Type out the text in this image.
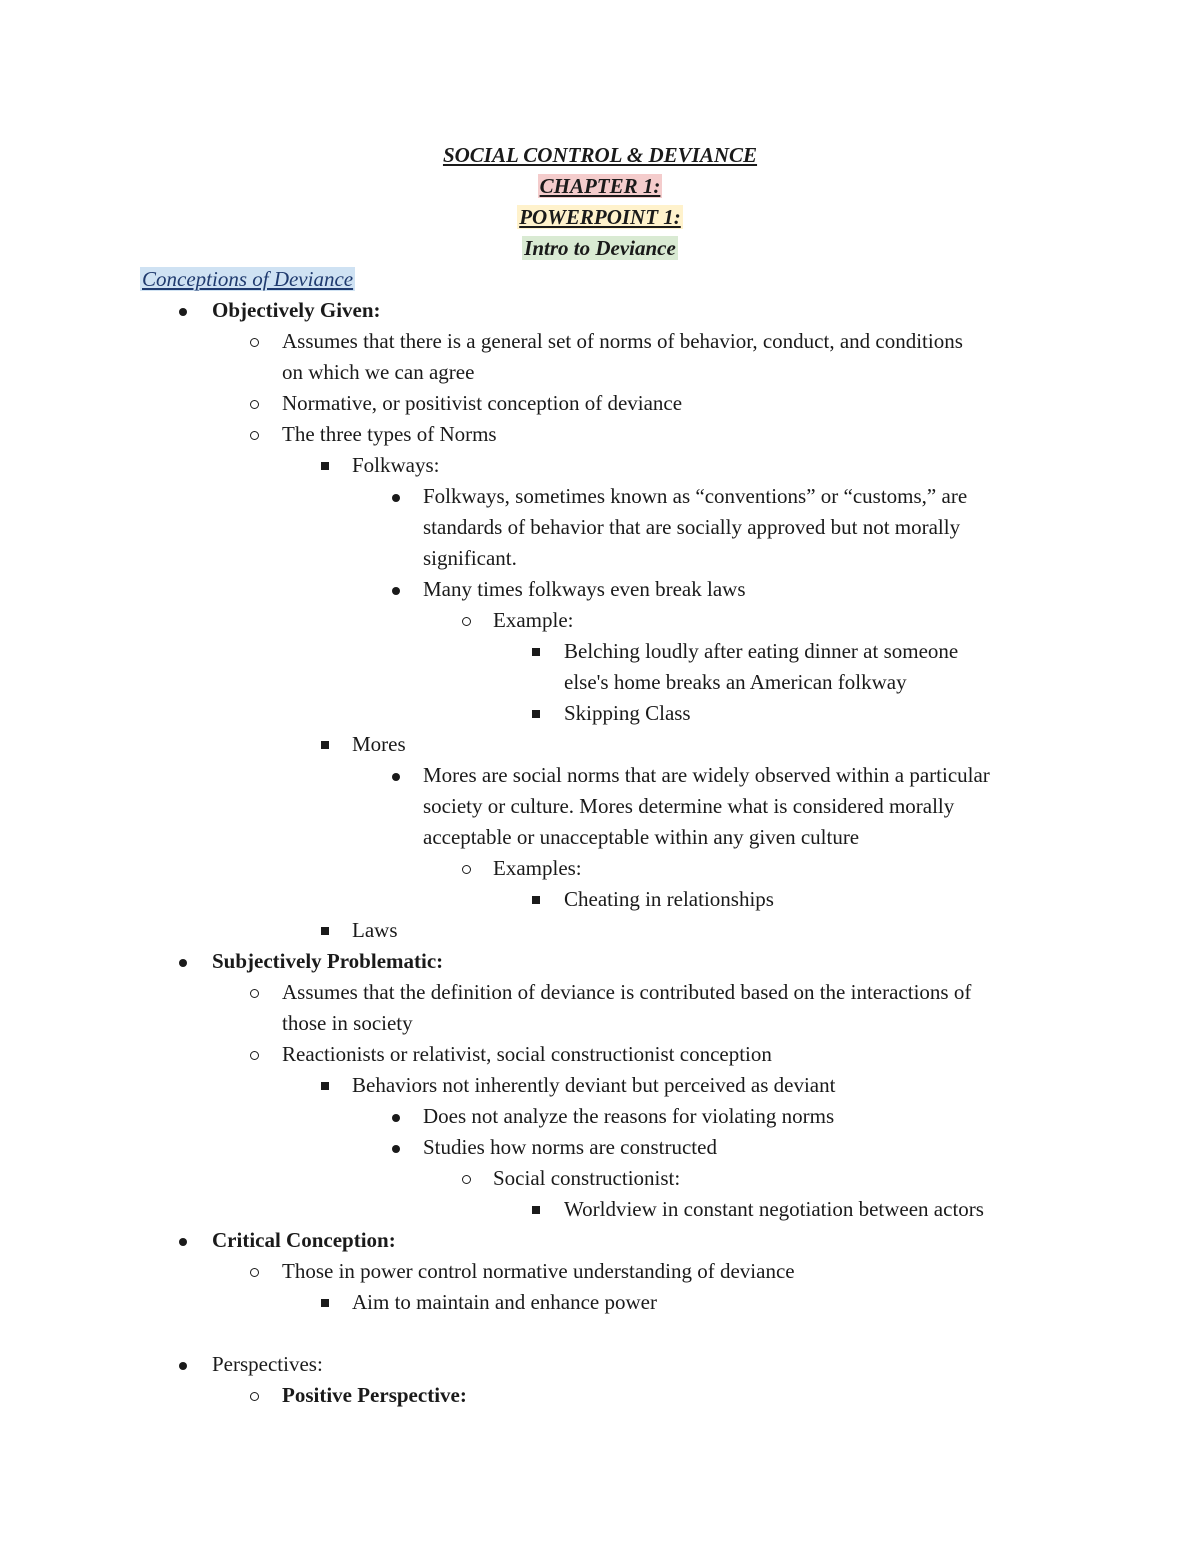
SOCIAL CONTROL & DEVIANCE
CHAPTER 1:
POWERPOINT 1:
Intro to Deviance
Conceptions of Deviance
Objectively Given:
Assumes that there is a general set of norms of behavior, conduct, and conditions
on which we can agree
Normative, or positivist conception of deviance
The three types of Norms
Folkways:
Folkways, sometimes known as “conventions” or “customs,” are
standards of behavior that are socially approved but not morally
significant.
Many times folkways even break laws
Example:
Belching loudly after eating dinner at someone
else's home breaks an American folkway
Skipping Class
Mores
Mores are social norms that are widely observed within a particular
society or culture. Mores determine what is considered morally
acceptable or unacceptable within any given culture
Examples:
Cheating in relationships
Laws
Subjectively Problematic:
Assumes that the definition of deviance is contributed based on the interactions of
those in society
Reactionists or relativist, social constructionist conception
Behaviors not inherently deviant but perceived as deviant
Does not analyze the reasons for violating norms
Studies how norms are constructed
Social constructionist:
Worldview in constant negotiation between actors
Critical Conception:
Those in power control normative understanding of deviance
Aim to maintain and enhance power
Perspectives:
Positive Perspective:
